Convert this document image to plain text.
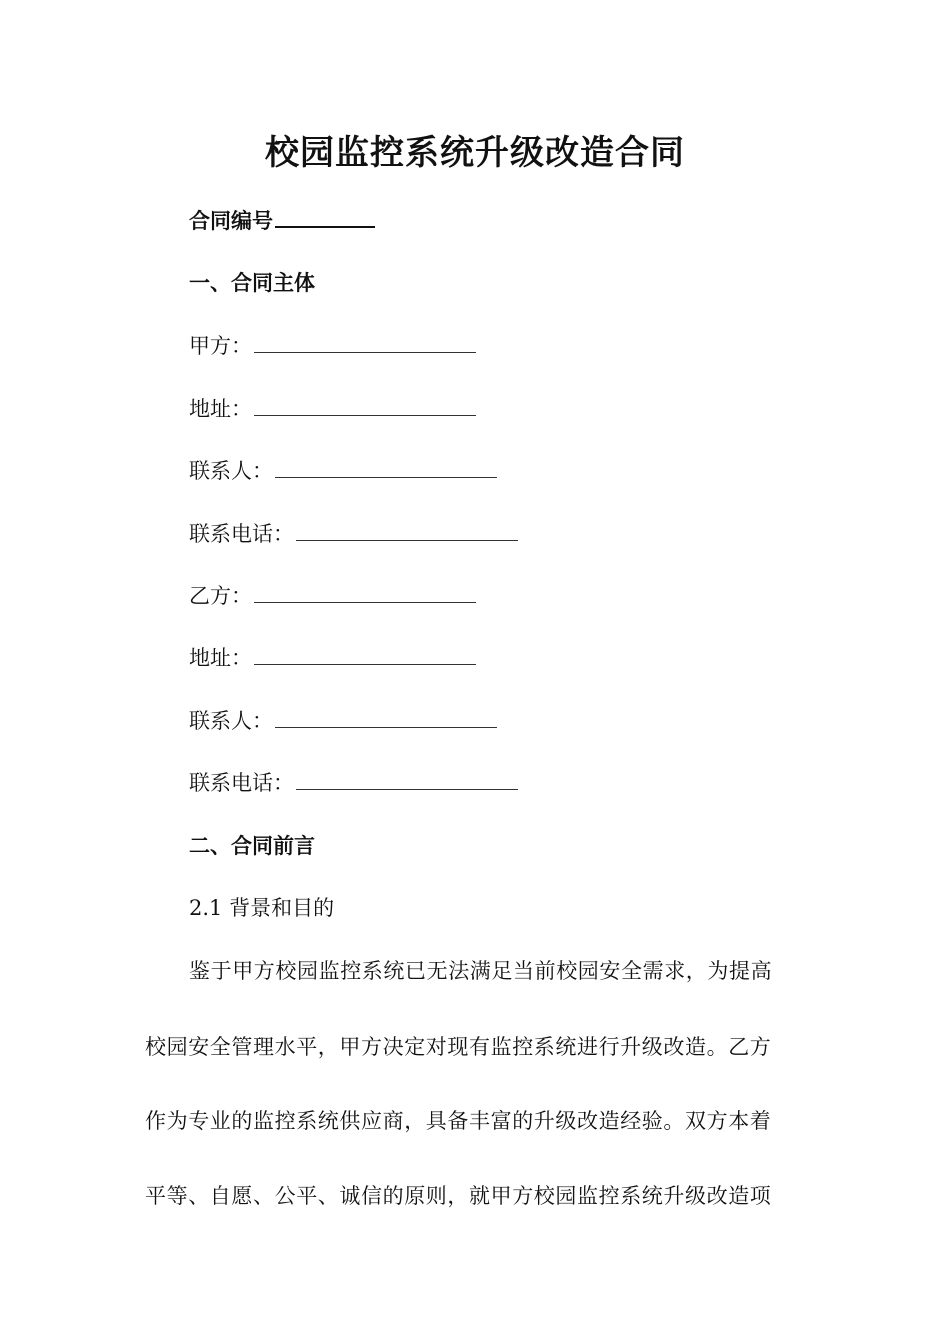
校园监控系统升级改造合同
合同编号
一、合同主体
甲方：
地址：
联系人：
联系电话：
乙方：
地址：
联系人：
联系电话：
二、合同前言
2.1 背景和目的
鉴于甲方校园监控系统已无法满足当前校园安全需求，为提高
校园安全管理水平，甲方决定对现有监控系统进行升级改造。乙方
作为专业的监控系统供应商，具备丰富的升级改造经验。双方本着
平等、自愿、公平、诚信的原则，就甲方校园监控系统升级改造项
